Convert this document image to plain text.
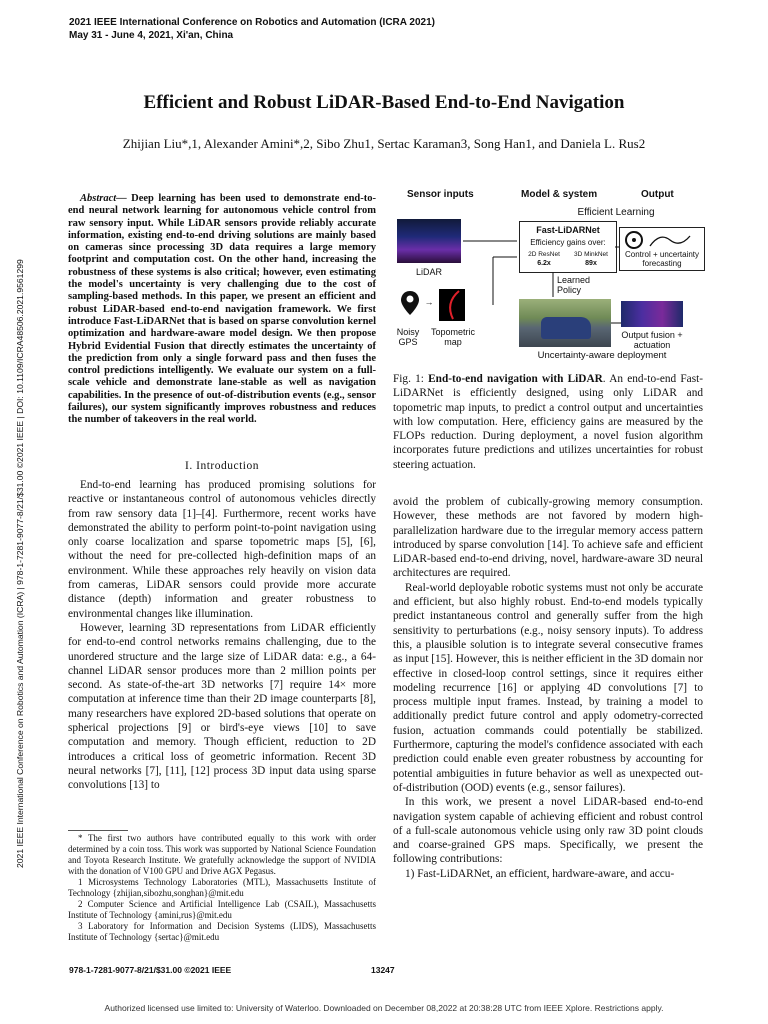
2021 IEEE International Conference on Robotics and Automation (ICRA 2021)
May 31 - June 4, 2021, Xi'an, China
2021 IEEE International Conference on Robotics and Automation (ICRA) | 978-1-7281-9077-8/21/$31.00 ©2021 IEEE | DOI: 10.1109/ICRA48506.2021.9561299
Efficient and Robust LiDAR-Based End-to-End Navigation
Zhijian Liu*,1, Alexander Amini*,2, Sibo Zhu1, Sertac Karaman3, Song Han1, and Daniela L. Rus2
Abstract— Deep learning has been used to demonstrate end-to-end neural network learning for autonomous vehicle control from raw sensory input. While LiDAR sensors provide reliably accurate information, existing end-to-end driving solutions are mainly based on cameras since processing 3D data requires a large memory footprint and computation cost. On the other hand, increasing the robustness of these systems is also critical; however, even estimating the model's uncertainty is very challenging due to the cost of sampling-based methods. In this paper, we present an efficient and robust LiDAR-based end-to-end navigation framework. We first introduce Fast-LiDARNet that is based on sparse convolution kernel optimization and hardware-aware model design. We then propose Hybrid Evidential Fusion that directly estimates the uncertainty of the prediction from only a single forward pass and then fuses the control predictions intelligently. We evaluate our system on a full-scale vehicle and demonstrate lane-stable as well as navigation capabilities. In the presence of out-of-distribution events (e.g., sensor failures), our system significantly improves robustness and reduces the number of takeovers in the real world.
I. Introduction

End-to-end learning has produced promising solutions for reactive or instantaneous control of autonomous vehicles directly from raw sensory data [1]–[4]. Furthermore, recent works have demonstrated the ability to perform point-to-point navigation using only coarse localization and sparse topometric maps [5], [6], without the need for pre-collected high-definition maps of an environment. While these approaches rely heavily on vision data from cameras, LiDAR sensors could provide more accurate distance (depth) information and greater robustness to environmental changes like illumination.

However, learning 3D representations from LiDAR efficiently for end-to-end control networks remains challenging, due to the unordered structure and the large size of LiDAR data: e.g., a 64-channel LiDAR sensor produces more than 2 million points per second. As state-of-the-art 3D networks [7] require 14× more computation at inference time than their 2D image counterparts [8], many researchers have explored 2D-based solutions that operate on spherical projections [9] or bird's-eye views [10] to save computation and memory. Though efficient, reduction to 2D introduces a critical loss of geometric information. Recent 3D neural networks [7], [11], [12] process 3D input data using sparse convolutions [13] to

* The first two authors have contributed equally to this work with order determined by a coin toss. This work was supported by National Science Foundation and Toyota Research Institute. We gratefully acknowledge the support of NVIDIA with the donation of V100 GPU and Drive AGX Pegasus.

1 Microsystems Technology Laboratories (MTL), Massachusetts Institute of Technology {zhijian,sibozhu,songhan}@mit.edu

2 Computer Science and Artificial Intelligence Lab (CSAIL), Massachusetts Institute of Technology {amini,rus}@mit.edu

3 Laboratory for Information and Decision Systems (LIDS), Massachusetts Institute of Technology {sertac}@mit.edu

Sensor inputs	Model & system	Output
Efficient Learning
LiDAR
Fast-LiDARNet
Efficiency gains over:
2D ResNet
6.2x
3D MinkNet
89x
Control + uncertainty forecasting
Learned Policy
→
Noisy GPS
Topometric map
Output fusion + actuation
Uncertainty-aware deployment
Fig. 1: End-to-end navigation with LiDAR. An end-to-end Fast-LiDARNet is efficiently designed, using only LiDAR and topometric map inputs, to predict a control output and uncertainties with low computation. Here, efficiency gains are measured by the FLOPs reduction. During deployment, a novel fusion algorithm incorporates future predictions and utilizes uncertainties for robust steering actuation.

avoid the problem of cubically-growing memory consumption. However, these methods are not favored by modern high-parallelization hardware due to the irregular memory access pattern introduced by sparse convolution [14]. To achieve safe and efficient LiDAR-based end-to-end driving, novel, hardware-aware 3D neural architectures are required.

Real-world deployable robotic systems must not only be accurate and efficient, but also highly robust. End-to-end models typically predict instantaneous control and generally suffer from the high sensitivity to perturbations (e.g., noisy sensory inputs). To address this, a plausible solution is to integrate several consecutive frames as input [15]. However, this is neither efficient in the 3D domain nor effective in closed-loop control settings, since it requires either modeling recurrence [16] or applying 4D convolutions [7] to process multiple input frames. Instead, by training a model to additionally predict future control and apply odometry-corrected fusion, actuation commands could potentially be stabilized. Furthermore, capturing the model's confidence associated with each prediction could enable even greater robustness by accounting for potential ambiguities in future behavior as well as unexpected out-of-distribution (OOD) events (e.g., sensor failures).

In this work, we present a novel LiDAR-based end-to-end navigation system capable of achieving efficient and robust control of a full-scale autonomous vehicle using only raw 3D point clouds and coarse-grained GPS maps. Specifically, we present the following contributions:

1) Fast-LiDARNet, an efficient, hardware-aware, and accu-

978-1-7281-9077-8/21/$31.00 ©2021 IEEE	13247
Authorized licensed use limited to: University of Waterloo. Downloaded on December 08,2022 at 20:38:28 UTC from IEEE Xplore. Restrictions apply.
